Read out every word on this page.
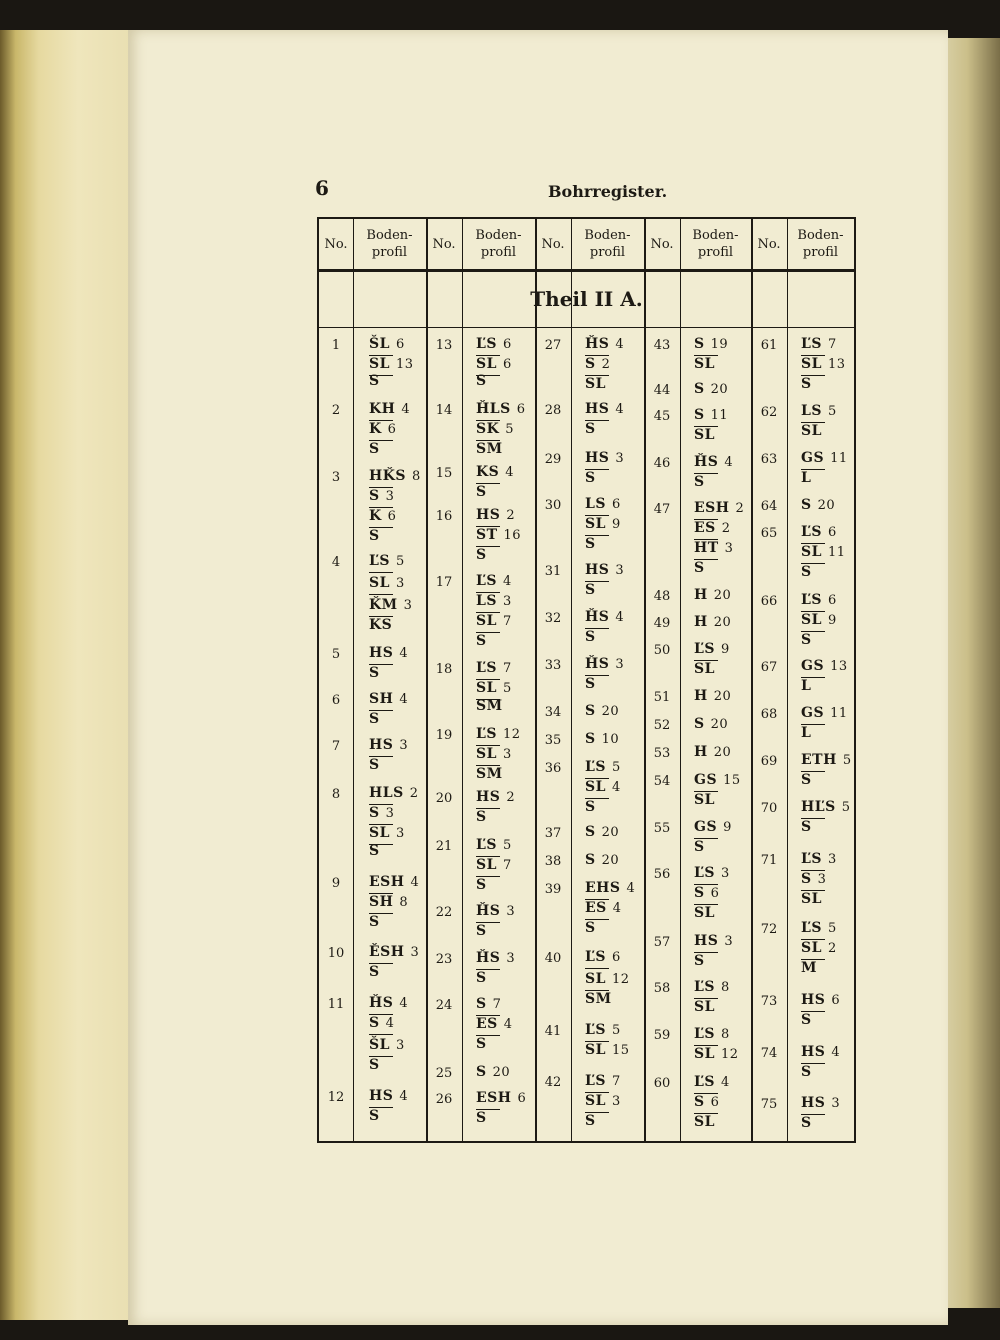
6	Bohrregister.
No.
Boden-
profil
No.
Boden-
profil
No.
Boden-
profil
No.
Boden-
profil
No.
Boden-
profil
Theil II A.
1
2
3
4
5
6
7
8
9
10
11
12
ŠL 6
SL 13
S
KH 4
K 6
S
HǨS 8
S 3
K 6
S
ĽS 5
SL 3
ǨM 3
KS
HS 4
S
SH 4
S
HS 3
S
HLS 2
S 3
SL 3
S
ESH 4
SH 8
S
ĚSH 3
S
ȞS 4
S 4
ŠL 3
S
HS 4
S
13
14
15
16
17
18
19
20
21
22
23
24
25
26
ĽS 6
SL 6
S
ȞLS 6
SK 5
SM
KS 4
S
HS 2
ST 16
S
ĽS 4
LS 3
SL 7
S
ĽS 7
SL 5
SM
ĽS 12
SL 3
SM
HS 2
S
ĽS 5
SL 7
S
ȞS 3
S
ȞS 3
S
S 7
ES 4
S
S 20
ESH 6
S
27
28
29
30
31
32
33
34
35
36
37
38
39
40
41
42
ȞS 4
S 2
SL
HS 4
S
HS 3
S
LS 6
SL 9
S
HS 3
S
ȞS 4
S
ȞS 3
S
S 20
S 10
ĽS 5
SL 4
S
S 20
S 20
EHS 4
ES 4
S
ĽS 6
SL 12
SM
ĽS 5
SL 15
ĽS 7
SL 3
S
43
44
45
46
47
48
49
50
51
52
53
54
55
56
57
58
59
60
S 19
SL
S 20
S 11
SL
ȞS 4
S
ESH 2
ES 2
HT 3
S
H 20
H 20
ĽS 9
SL
H 20
S 20
H 20
GS 15
SL
GS 9
S
ĽS 3
S 6
SL
HS 3
S
ĽS 8
SL
ĽS 8
SL 12
ĽS 4
S 6
SL
61
62
63
64
65
66
67
68
69
70
71
72
73
74
75
ĽS 7
SL 13
S
LS 5
SL
GS 11
L
S 20
ĽS 6
SL 11
S
ĽS 6
SL 9
S
GS 13
L
GS 11
L
ETH 5
S
HĽS 5
S
ĽS 3
S 3
SL
ĽS 5
SL 2
M
HS 6
S
HS 4
S
HS 3
S
